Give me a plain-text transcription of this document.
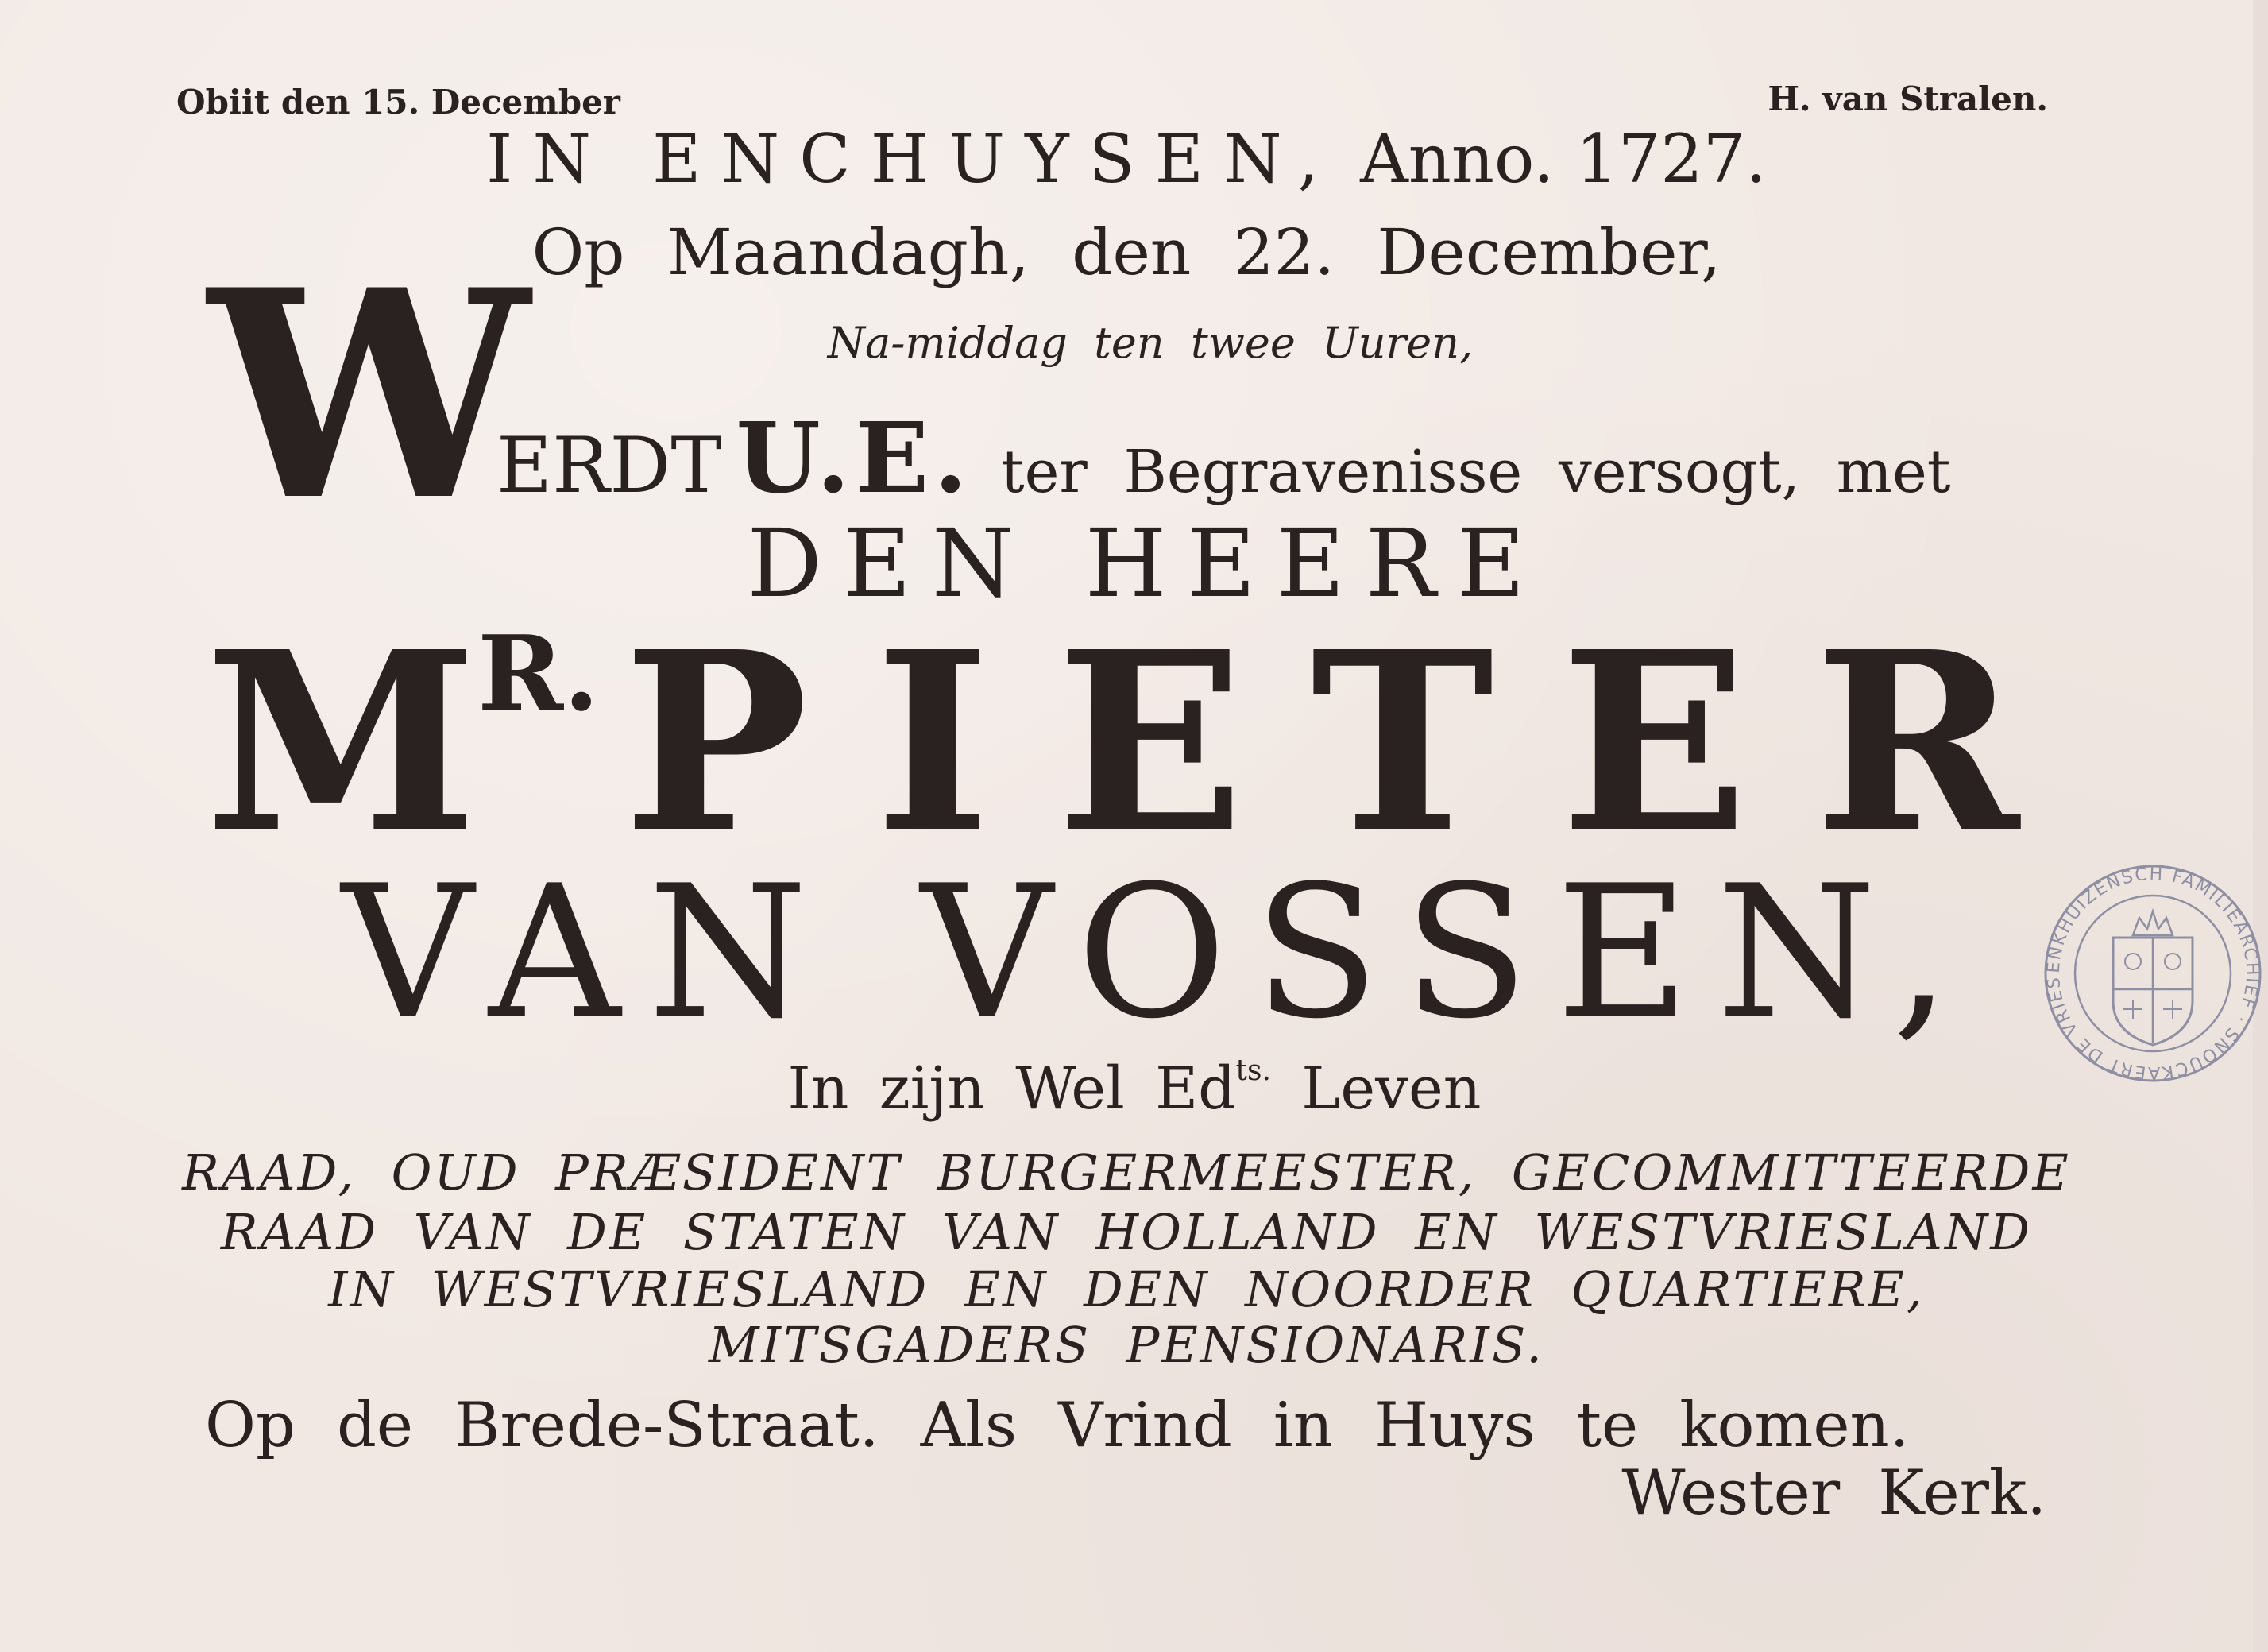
Obiit den 15. December	H. van Stralen.
IN ENCHUYSEN, Anno. 1727.
Op Maandagh, den 22. December,
Na-middag ten twee Uuren,
W
ERDT U.E. ter Begravenisse versogt, met
DEN HEERE
$M^{R.}PIETER$
VAN VOSSEN,
In zijn Wel $Ed^{ts.}$ Leven
RAAD, OUD PRÆSIDENT BURGERMEESTER, GECOMMITTEERDE
RAAD VAN DE STATEN VAN HOLLAND EN WESTVRIESLAND
IN WESTVRIESLAND EN DEN NOORDER QUARTIERE,
MITSGADERS PENSIONARIS.
Op de Brede-Straat. Als Vrind in Huys te komen.
Wester Kerk.
ENKHUIZENSCH FAMILIEARCHIEF · SNOUCKAERT DE VRIES
